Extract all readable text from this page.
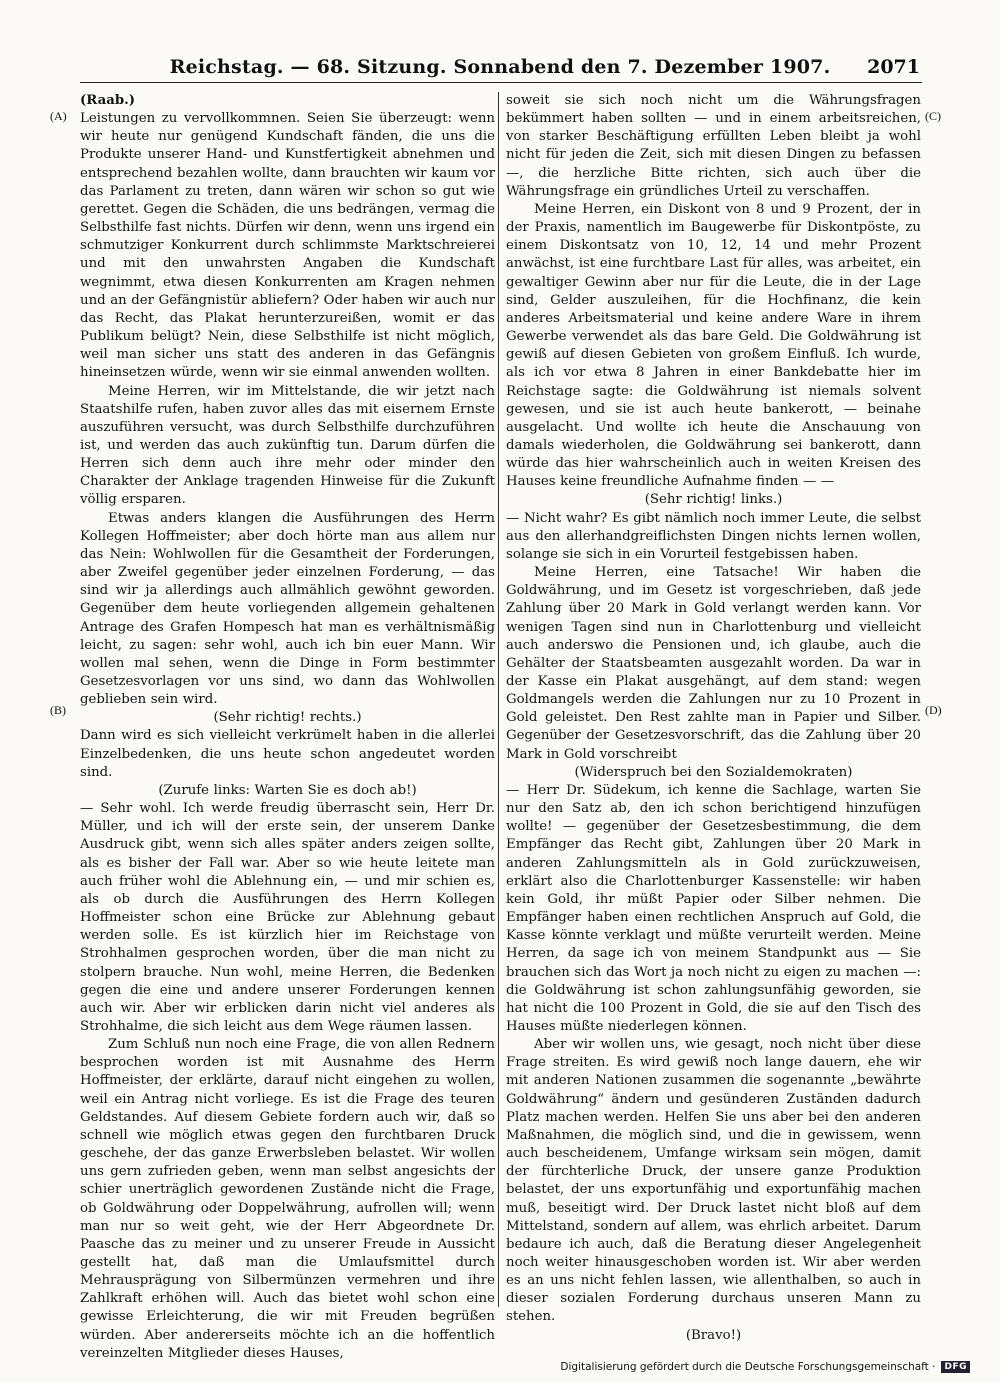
Reichstag. — 68. Sitzung. Sonnabend den 7. Dezember 1907.	2071
(A)
(B)
(C)
(D)

(Raab.)

Leistungen zu vervollkommnen. Seien Sie überzeugt: wenn wir heute nur genügend Kundschaft fänden, die uns die Produkte unserer Hand- und Kunstfertigkeit abnehmen und entsprechend bezahlen wollte, dann brauchten wir kaum vor das Parlament zu treten, dann wären wir schon so gut wie gerettet. Gegen die Schäden, die uns bedrängen, vermag die Selbsthilfe fast nichts. Dürfen wir denn, wenn uns irgend ein schmutziger Konkurrent durch schlimmste Marktschreierei und mit den unwahrsten Angaben die Kundschaft wegnimmt, etwa diesen Konkurrenten am Kragen nehmen und an der Gefängnistür abliefern? Oder haben wir auch nur das Recht, das Plakat herunterzureißen, womit er das Publikum belügt? Nein, diese Selbsthilfe ist nicht möglich, weil man sicher uns statt des anderen in das Gefängnis hineinsetzen würde, wenn wir sie einmal anwenden wollten.

Meine Herren, wir im Mittelstande, die wir jetzt nach Staatshilfe rufen, haben zuvor alles das mit eisernem Ernste auszuführen versucht, was durch Selbsthilfe durchzuführen ist, und werden das auch zukünftig tun. Darum dürfen die Herren sich denn auch ihre mehr oder minder den Charakter der Anklage tragenden Hinweise für die Zukunft völlig ersparen.

Etwas anders klangen die Ausführungen des Herrn Kollegen Hoffmeister; aber doch hörte man aus allem nur das Nein: Wohlwollen für die Gesamtheit der Forderungen, aber Zweifel gegenüber jeder einzelnen Forderung, — das sind wir ja allerdings auch allmählich gewöhnt geworden. Gegenüber dem heute vorliegenden allgemein gehaltenen Antrage des Grafen Hompesch hat man es verhältnismäßig leicht, zu sagen: sehr wohl, auch ich bin euer Mann. Wir wollen mal sehen, wenn die Dinge in Form bestimmter Gesetzesvorlagen vor uns sind, wo dann das Wohlwollen geblieben sein wird.

(Sehr richtig! rechts.)

Dann wird es sich vielleicht verkrümelt haben in die allerlei Einzelbedenken, die uns heute schon angedeutet worden sind.

(Zurufe links: Warten Sie es doch ab!)

— Sehr wohl. Ich werde freudig überrascht sein, Herr Dr. Müller, und ich will der erste sein, der unserem Danke Ausdruck gibt, wenn sich alles später anders zeigen sollte, als es bisher der Fall war. Aber so wie heute leitete man auch früher wohl die Ablehnung ein, — und mir schien es, als ob durch die Ausführungen des Herrn Kollegen Hoffmeister schon eine Brücke zur Ablehnung gebaut werden solle. Es ist kürzlich hier im Reichstage von Strohhalmen gesprochen worden, über die man nicht zu stolpern brauche. Nun wohl, meine Herren, die Bedenken gegen die eine und andere unserer Forderungen kennen auch wir. Aber wir erblicken darin nicht viel anderes als Strohhalme, die sich leicht aus dem Wege räumen lassen.

Zum Schluß nun noch eine Frage, die von allen Rednern besprochen worden ist mit Ausnahme des Herrn Hoffmeister, der erklärte, darauf nicht eingehen zu wollen, weil ein Antrag nicht vorliege. Es ist die Frage des teuren Geldstandes. Auf diesem Gebiete fordern auch wir, daß so schnell wie möglich etwas gegen den furchtbaren Druck geschehe, der das ganze Erwerbsleben belastet. Wir wollen uns gern zufrieden geben, wenn man selbst angesichts der schier unerträglich gewordenen Zustände nicht die Frage, ob Goldwährung oder Doppelwährung, aufrollen will; wenn man nur so weit geht, wie der Herr Abgeordnete Dr. Paasche das zu meiner und zu unserer Freude in Aussicht gestellt hat, daß man die Umlaufsmittel durch Mehrausprägung von Silbermünzen vermehren und ihre Zahlkraft erhöhen will. Auch das bietet wohl schon eine gewisse Erleichterung, die wir mit Freuden begrüßen würden. Aber andererseits möchte ich an die hoffentlich vereinzelten Mitglieder dieses Hauses,

soweit sie sich noch nicht um die Währungsfragen bekümmert haben sollten — und in einem arbeitsreichen, von starker Beschäftigung erfüllten Leben bleibt ja wohl nicht für jeden die Zeit, sich mit diesen Dingen zu befassen —, die herzliche Bitte richten, sich auch über die Währungsfrage ein gründliches Urteil zu verschaffen.

Meine Herren, ein Diskont von 8 und 9 Prozent, der in der Praxis, namentlich im Baugewerbe für Diskontpöste, zu einem Diskontsatz von 10, 12, 14 und mehr Prozent anwächst, ist eine furchtbare Last für alles, was arbeitet, ein gewaltiger Gewinn aber nur für die Leute, die in der Lage sind, Gelder auszuleihen, für die Hochfinanz, die kein anderes Arbeitsmaterial und keine andere Ware in ihrem Gewerbe verwendet als das bare Geld. Die Goldwährung ist gewiß auf diesen Gebieten von großem Einfluß. Ich wurde, als ich vor etwa 8 Jahren in einer Bankdebatte hier im Reichstage sagte: die Goldwährung ist niemals solvent gewesen, und sie ist auch heute bankerott, — beinahe ausgelacht. Und wollte ich heute die Anschauung von damals wiederholen, die Goldwährung sei bankerott, dann würde das hier wahrscheinlich auch in weiten Kreisen des Hauses keine freundliche Aufnahme finden — —

(Sehr richtig! links.)

— Nicht wahr? Es gibt nämlich noch immer Leute, die selbst aus den allerhandgreiflichsten Dingen nichts lernen wollen, solange sie sich in ein Vorurteil festgebissen haben.

Meine Herren, eine Tatsache! Wir haben die Goldwährung, und im Gesetz ist vorgeschrieben, daß jede Zahlung über 20 Mark in Gold verlangt werden kann. Vor wenigen Tagen sind nun in Charlottenburg und vielleicht auch anderswo die Pensionen und, ich glaube, auch die Gehälter der Staatsbeamten ausgezahlt worden. Da war in der Kasse ein Plakat ausgehängt, auf dem stand: wegen Goldmangels werden die Zahlungen nur zu 10 Prozent in Gold geleistet. Den Rest zahlte man in Papier und Silber. Gegenüber der Gesetzesvorschrift, das die Zahlung über 20 Mark in Gold vorschreibt

(Widerspruch bei den Sozialdemokraten)

— Herr Dr. Südekum, ich kenne die Sachlage, warten Sie nur den Satz ab, den ich schon berichtigend hinzufügen wollte! — gegenüber der Gesetzesbestimmung, die dem Empfänger das Recht gibt, Zahlungen über 20 Mark in anderen Zahlungsmitteln als in Gold zurückzuweisen, erklärt also die Charlottenburger Kassenstelle: wir haben kein Gold, ihr müßt Papier oder Silber nehmen. Die Empfänger haben einen rechtlichen Anspruch auf Gold, die Kasse könnte verklagt und müßte verurteilt werden. Meine Herren, da sage ich von meinem Standpunkt aus — Sie brauchen sich das Wort ja noch nicht zu eigen zu machen —: die Goldwährung ist schon zahlungsunfähig geworden, sie hat nicht die 100 Prozent in Gold, die sie auf den Tisch des Hauses müßte niederlegen können.

Aber wir wollen uns, wie gesagt, noch nicht über diese Frage streiten. Es wird gewiß noch lange dauern, ehe wir mit anderen Nationen zusammen die sogenannte „bewährte Goldwährung“ ändern und gesünderen Zuständen dadurch Platz machen werden. Helfen Sie uns aber bei den anderen Maßnahmen, die möglich sind, und die in gewissem, wenn auch bescheidenem, Umfange wirksam sein mögen, damit der fürchterliche Druck, der unsere ganze Produktion belastet, der uns exportunfähig und exportunfähig machen muß, beseitigt wird. Der Druck lastet nicht bloß auf dem Mittelstand, sondern auf allem, was ehrlich arbeitet. Darum bedaure ich auch, daß die Beratung dieser Angelegenheit noch weiter hinausgeschoben worden ist. Wir aber werden es an uns nicht fehlen lassen, wie allenthalben, so auch in dieser sozialen Forderung durchaus unseren Mann zu stehen.

(Bravo!)

Digitalisierung gefördert durch die Deutsche Forschungsgemeinschaft ·	DFG
